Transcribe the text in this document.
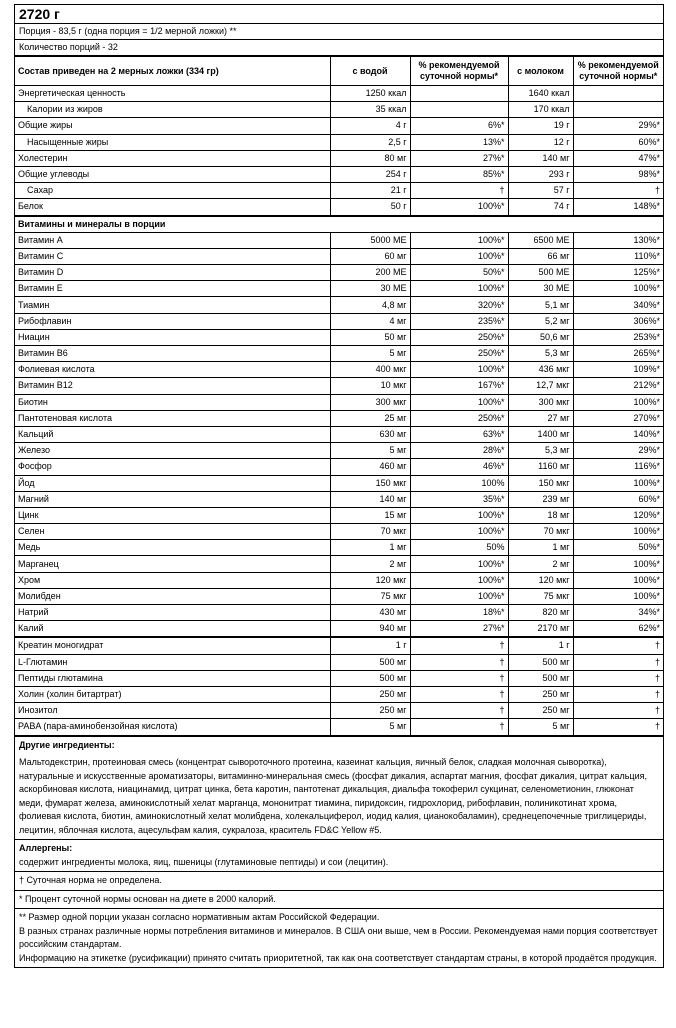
2720 г
Порция - 83,5 г (одна порция = 1/2 мерной ложки) **
Количество порций - 32
Состав приведен на 2 мерных ложки (334 гр)	с водой	% рекомендуемой
суточной нормы*	с молоком	% рекомендуемой
суточной нормы*
Энергетическая ценность	1250 ккал		1640 ккал	
Калории из жиров	35 ккал		170 ккал	
Общие жиры	4 г	6%*	19 г	29%*
Насыщенные жиры	2,5 г	13%*	12 г	60%*
Холестерин	80 мг	27%*	140 мг	47%*
Общие углеводы	254 г	85%*	293 г	98%*
Сахар	21 г	†	57 г	†
Белок	50 г	100%*	74 г	148%*
Витамины и минералы в порции				
Витамин А	5000 МЕ	100%*	6500 МЕ	130%*
Витамин С	60 мг	100%*	66 мг	110%*
Витамин D	200 МЕ	50%*	500 МЕ	125%*
Витамин Е	30 МЕ	100%*	30 МЕ	100%*
Тиамин	4,8 мг	320%*	5,1 мг	340%*
Рибофлавин	4 мг	235%*	5,2 мг	306%*
Ниацин	50 мг	250%*	50,6 мг	253%*
Витамин В6	5 мг	250%*	5,3 мг	265%*
Фолиевая кислота	400 мкг	100%*	436 мкг	109%*
Витамин В12	10 мкг	167%*	12,7 мкг	212%*
Биотин	300 мкг	100%*	300 мкг	100%*
Пантотеновая кислота	25 мг	250%*	27 мг	270%*
Кальций	630 мг	63%*	1400 мг	140%*
Железо	5 мг	28%*	5,3 мг	29%*
Фосфор	460 мг	46%*	1160 мг	116%*
Йод	150 мкг	100%	150 мкг	100%*
Магний	140 мг	35%*	239 мг	60%*
Цинк	15 мг	100%*	18 мг	120%*
Селен	70 мкг	100%*	70 мкг	100%*
Медь	1 мг	50%	1 мг	50%*
Марганец	2 мг	100%*	2 мг	100%*
Хром	120 мкг	100%*	120 мкг	100%*
Молибден	75 мкг	100%*	75 мкг	100%*
Натрий	430 мг	18%*	820 мг	34%*
Калий	940 мг	27%*	2170 мг	62%*
Креатин моногидрат	1 г	†	1 г	†
L-Глютамин	500 мг	†	500 мг	†
Пептиды глютамина	500 мг	†	500 мг	†
Холин (холин битартрат)	250 мг	†	250 мг	†
Инозитол	250 мг	†	250 мг	†
PABA (пара-аминобензойная кислота)	5 мг	†	5 мг	†
Другие ингредиенты:
Мальтодекстрин, протеиновая смесь (концентрат сывороточного протеина, казеинат кальция, яичный белок, сладкая молочная сыворотка), натуральные и искусственные ароматизаторы, витаминно-минеральная смесь (фосфат дикалия, аспартат магния, фосфат дикалия, цитрат кальция, аскорбиновая кислота, ниацинамид, цитрат цинка, бета каротин, пантотенат дикальция, диальфа токоферил сукцинат, селенометионин, глюконат меди, фумарат железа, аминокислотный хелат марганца, мононитрат тиамина, пиридоксин, гидрохлорид, рибофлавин, полиникотинат хрома, фолиевая кислота, биотин, аминокислотный хелат молибдена, холекальциферол, иодид калия, цианокобаламин), среднецепочечные триглицериды, лецитин, яблочная кислота, ацесульфам калия, сукралоза, краситель FD&C Yellow #5.
Аллергены:
содержит ингредиенты молока, яиц, пшеницы (глутаминовые пептиды) и сои (лецитин).
† Суточная норма не определена.
* Процент суточной нормы основан на диете в 2000 калорий.
** Размер одной порции указан согласно нормативным актам Российской Федерации.
В разных странах различные нормы потребления витаминов и минералов. В США они выше, чем в России. Рекомендуемая нами порция соответствует российским стандартам.
Информацию на этикетке (русификации) принято считать приоритетной, так как она соответствует стандартам страны, в которой продаётся продукция.
